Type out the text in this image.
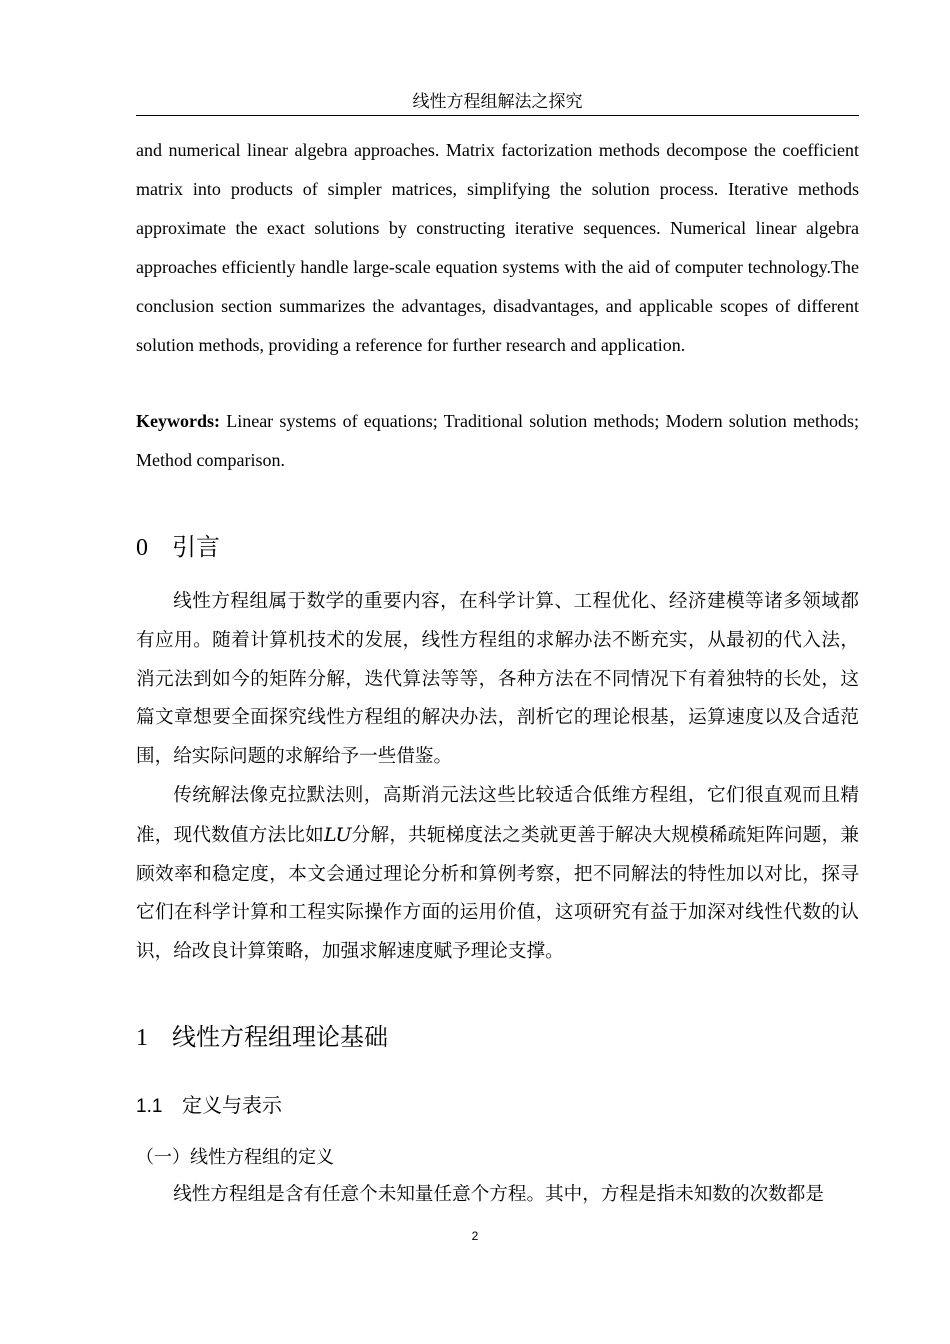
线性方程组解法之探究

and numerical linear algebra approaches. Matrix factorization methods decompose the coefficient matrix into products of simpler matrices, simplifying the solution process. Iterative methods approximate the exact solutions by constructing iterative sequences. Numerical linear algebra approaches efficiently handle large-scale equation systems with the aid of computer technology.The conclusion section summarizes the advantages, disadvantages, and applicable scopes of different solution methods, providing a reference for further research and application.

Keywords: Linear systems of equations; Traditional solution methods; Modern solution methods; Method comparison.

0 引言

线性方程组属于数学的重要内容，在科学计算、工程优化、经济建模等诸多领域都有应用。随着计算机技术的发展，线性方程组的求解办法不断充实，从最初的代入法，消元法到如今的矩阵分解，迭代算法等等，各种方法在不同情况下有着独特的长处，这篇文章想要全面探究线性方程组的解决办法，剖析它的理论根基，运算速度以及合适范围，给实际问题的求解给予一些借鉴。

传统解法像克拉默法则，高斯消元法这些比较适合低维方程组，它们很直观而且精准，现代数值方法比如LU分解，共轭梯度法之类就更善于解决大规模稀疏矩阵问题，兼顾效率和稳定度，本文会通过理论分析和算例考察，把不同解法的特性加以对比，探寻它们在科学计算和工程实际操作方面的运用价值，这项研究有益于加深对线性代数的认识，给改良计算策略，加强求解速度赋予理论支撑。

1 线性方程组理论基础
1.1 定义与表示
（一）线性方程组的定义

线性方程组是含有任意个未知量任意个方程。其中，方程是指未知数的次数都是

2
